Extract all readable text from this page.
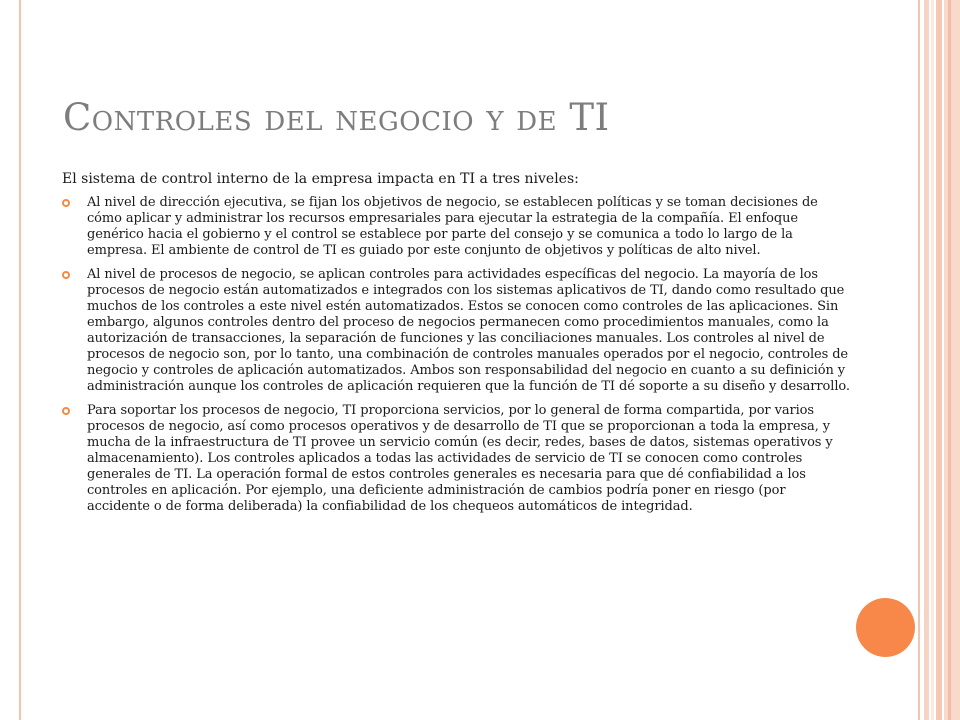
Controles del negocio y de TI

El sistema de control interno de la empresa impacta en TI a tres niveles:

Al nivel de dirección ejecutiva, se fijan los objetivos de negocio, se establecen políticas y se toman decisiones de cómo aplicar y administrar los recursos empresariales para ejecutar la estrategia de la compañía. El enfoque genérico hacia el gobierno y el control se establece por parte del consejo y se comunica a todo lo largo de la empresa. El ambiente de control de TI es guiado por este conjunto de objetivos y políticas de alto nivel.
Al nivel de procesos de negocio, se aplican controles para actividades específicas del negocio. La mayoría de los procesos de negocio están automatizados e integrados con los sistemas aplicativos de TI, dando como resultado que muchos de los controles a este nivel estén automatizados. Estos se conocen como controles de las aplicaciones. Sin embargo, algunos controles dentro del proceso de negocios permanecen como procedimientos manuales, como la autorización de transacciones, la separación de funciones y las conciliaciones manuales. Los controles al nivel de procesos de negocio son, por lo tanto, una combinación de controles manuales operados por el negocio, controles de negocio y controles de aplicación automatizados. Ambos son responsabilidad del negocio en cuanto a su definición y administración aunque los controles de aplicación requieren que la función de TI dé soporte a su diseño y desarrollo.
Para soportar los procesos de negocio, TI proporciona servicios, por lo general de forma compartida, por varios procesos de negocio, así como procesos operativos y de desarrollo de TI que se proporcionan a toda la empresa, y mucha de la infraestructura de TI provee un servicio común (es decir, redes, bases de datos, sistemas operativos y almacenamiento). Los controles aplicados a todas las actividades de servicio de TI se conocen como controles generales de TI. La operación formal de estos controles generales es necesaria para que dé confiabilidad a los controles en aplicación. Por ejemplo, una deficiente administración de cambios podría poner en riesgo (por accidente o de forma deliberada) la confiabilidad de los chequeos automáticos de integridad.
